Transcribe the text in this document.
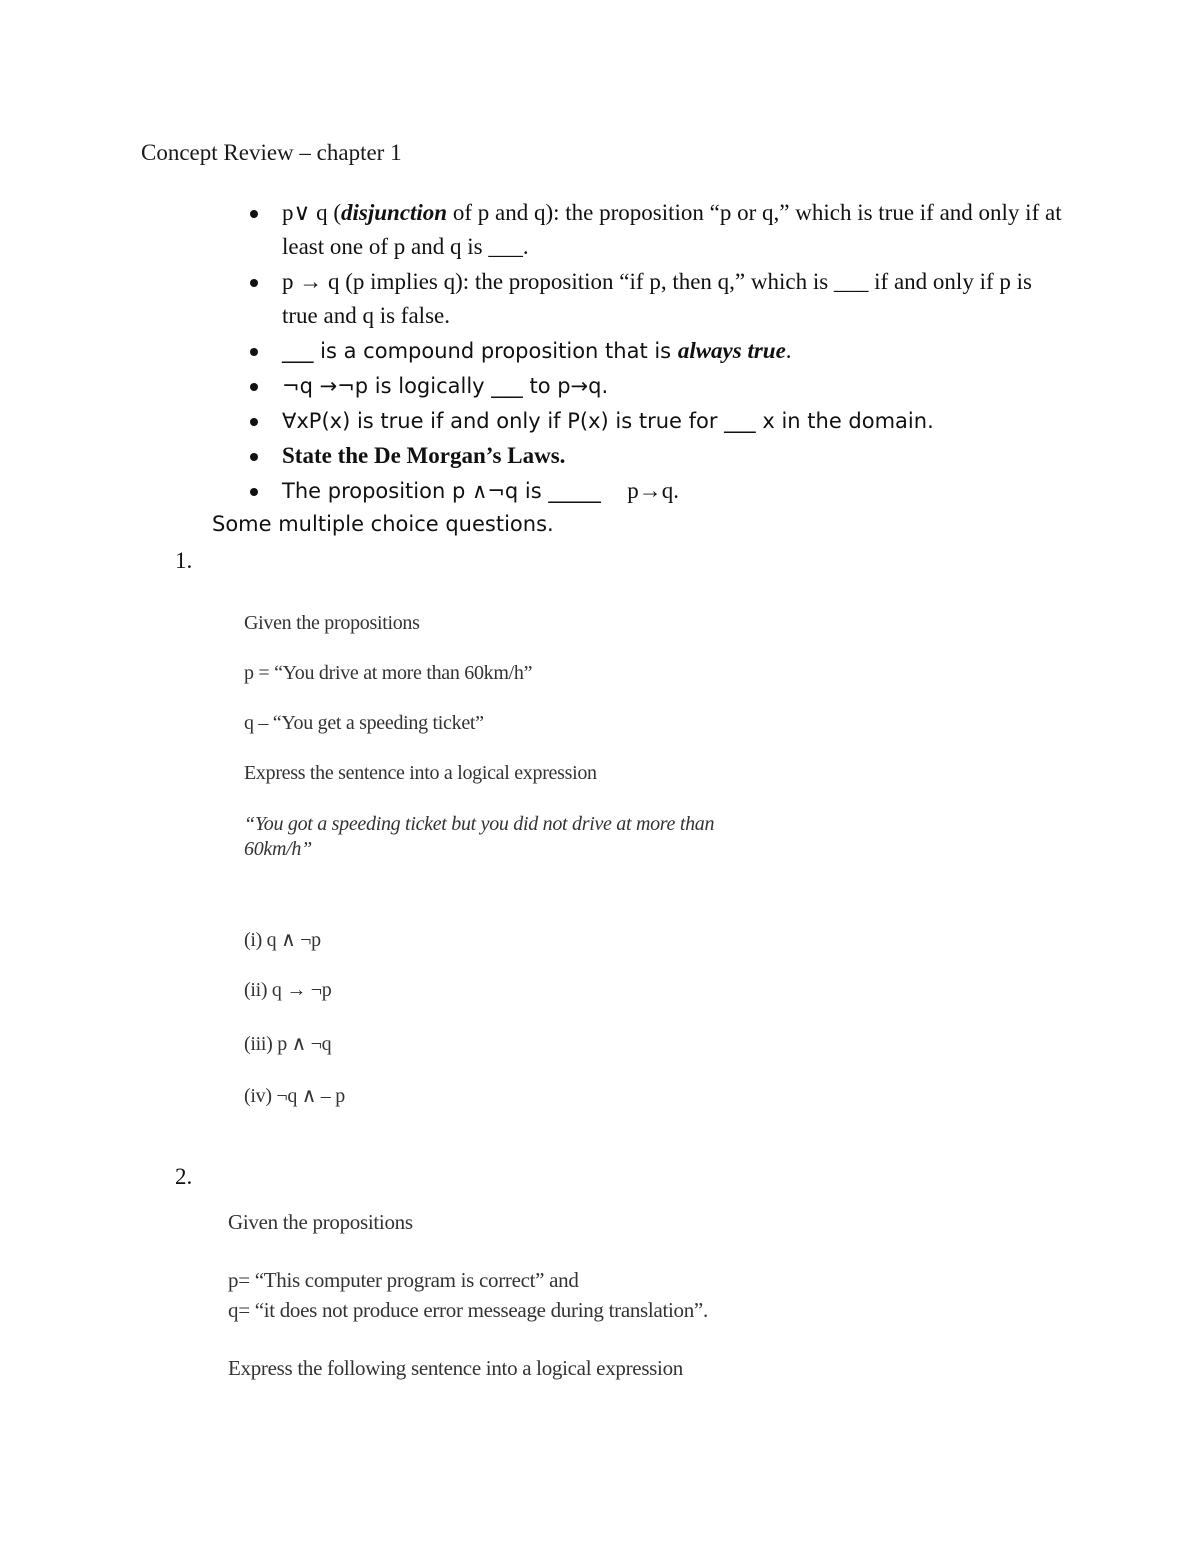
Concept Review – chapter 1
p∨ q (disjunction of p and q): the proposition “p or q,” which is true if and only if at least one of p and q is ___.
p → q (p implies q): the proposition “if p, then q,” which is ___ if and only if p is true and q is false.
___ is a compound proposition that is always true.
¬q →¬p is logically ___ to p→q.
∀xP(x) is true if and only if P(x) is true for ___ x in the domain.
State the De Morgan’s Laws.
The proposition p ∧¬q is _____  p→q.
Some multiple choice questions.
1.
Given the propositions
p = “You drive at more than 60km/h”
q – “You get a speeding ticket”
Express the sentence into a logical expression
“You got a speeding ticket but you did not drive at more than 60km/h”
(i) q ∧ ¬p
(ii) q → ¬p
(iii) p ∧ ¬q
(iv) ¬q ∧ – p
2.
Given the propositions
p= “This computer program is correct” and
q= “it does not produce error messeage during translation”.
Express the following sentence into a logical expression
